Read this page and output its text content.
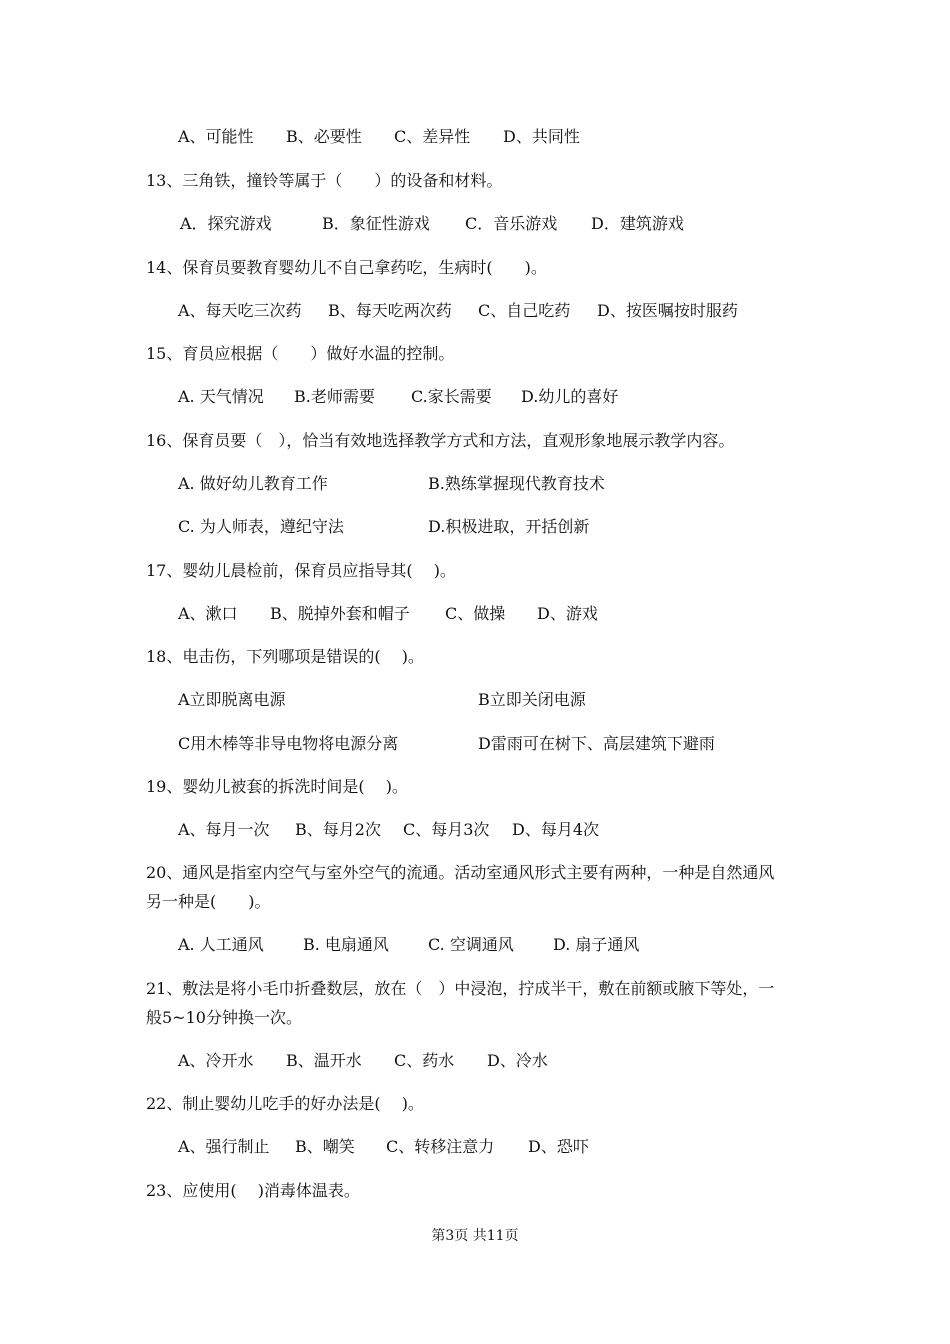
A、可能性 B、必要性 C、差异性 D、共同性
13、三角铁，撞铃等属于（　　）的设备和材料。
A．探究游戏	B．象征性游戏 C．音乐游戏 D．建筑游戏
14、保育员要教育婴幼儿不自己拿药吃，生病时(　　)。
A、每天吃三次药 B、每天吃两次药 C、自己吃药 D、按医嘱按时服药
15、育员应根据（　　）做好水温的控制。
A. 天气情况 B.老师需要 C.家长需要 D.幼儿的喜好
16、保育员要（　），恰当有效地选择教学方式和方法，直观形象地展示教学内容。
A. 做好幼儿教育工作	B.熟练掌握现代教育技术
C. 为人师表，遵纪守法	D.积极进取，开括创新
17、婴幼儿晨检前，保育员应指导其(　 )。
A、漱口 B、脱掉外套和帽子 C、做操 D、游戏
18、电击伤，下列哪项是错误的(　 )。
A立即脱离电源	B立即关闭电源
C用木棒等非导电物将电源分离	D雷雨可在树下、高层建筑下避雨
19、婴幼儿被套的拆洗时间是(　 )。
A、每月一次 B、每月2次 C、每月3次 D、每月4次
20、通风是指室内空气与室外空气的流通。活动室通风形式主要有两种，一种是自然通风
另一种是(　　)。
A. 人工通风 B. 电扇通风 C. 空调通风 D. 扇子通风
21、敷法是将小毛巾折叠数层，放在（　）中浸泡，拧成半干，敷在前额或腋下等处，一
般5~10分钟换一次。
A、冷开水 B、温开水 C、药水 D、冷水
22、制止婴幼儿吃手的好办法是(　 )。
A、强行制止 B、嘲笑 C、转移注意力 D、恐吓
23、应使用(　 )消毒体温表。
第3页 共11页
